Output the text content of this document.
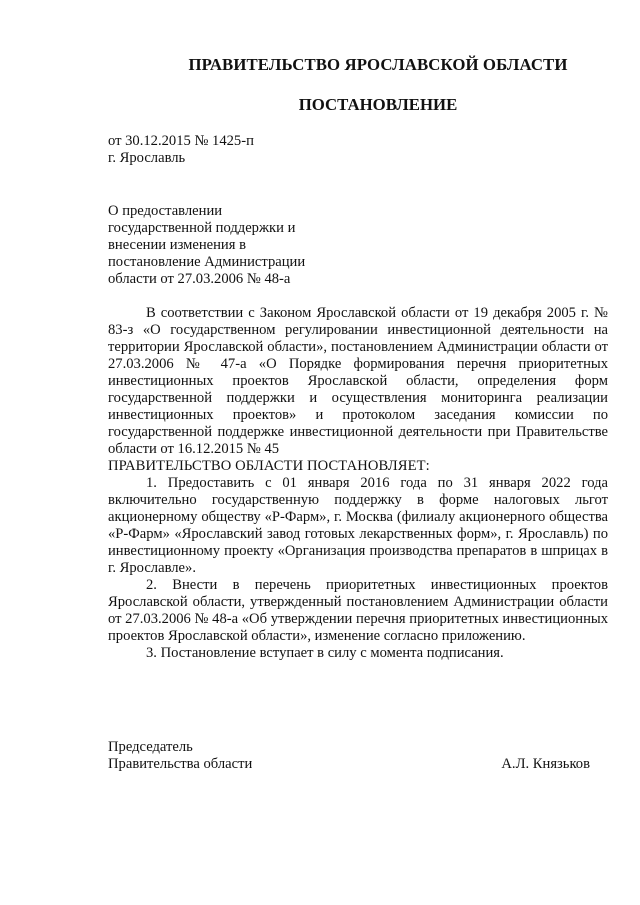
ПРАВИТЕЛЬСТВО ЯРОСЛАВСКОЙ ОБЛАСТИ
ПОСТАНОВЛЕНИЕ
от 30.12.2015 № 1425-п
г. Ярославль
О предоставлении
государственной поддержки и
внесении изменения в
постановление Администрации
области от 27.03.2006 № 48-а

В соответствии с Законом Ярославской области от 19 декабря 2005 г. № 83-з «О государственном регулировании инвестиционной деятельности на территории Ярославской области», постановлением Администрации области от 27.03.2006 № 47-а «О Порядке формирования перечня приоритетных инвестиционных проектов Ярославской области, определения форм государственной поддержки и осуществления мониторинга реализации инвестиционных проектов» и протоколом заседания комиссии по государственной поддержке инвестиционной деятельности при Правительстве области от 16.12.2015 № 45

ПРАВИТЕЛЬСТВО ОБЛАСТИ ПОСТАНОВЛЯЕТ:

1. Предоставить с 01 января 2016 года по 31 января 2022 года включительно государственную поддержку в форме налоговых льгот акционерному обществу «Р-Фарм», г. Москва (филиалу акционерного общества «Р-Фарм» «Ярославский завод готовых лекарственных форм», г. Ярославль) по инвестиционному проекту «Организация производства препаратов в шприцах в г. Ярославле».

2. Внести в перечень приоритетных инвестиционных проектов Ярославской области, утвержденный постановлением Администрации области от 27.03.2006 № 48-а «Об утверждении перечня приоритетных инвестиционных проектов Ярославской области», изменение согласно приложению.

3. Постановление вступает в силу с момента подписания.

Председатель
Правительства области	А.Л. Князьков
